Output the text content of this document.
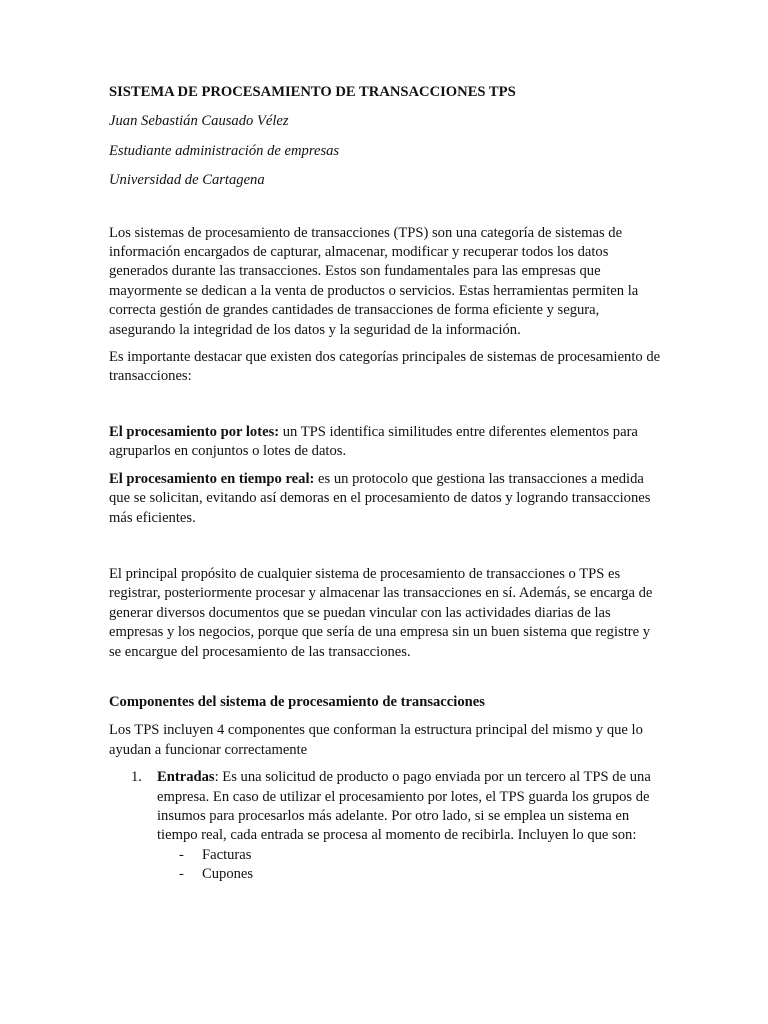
SISTEMA DE PROCESAMIENTO DE TRANSACCIONES TPS

Juan Sebastián Causado Vélez

Estudiante administración de empresas

Universidad de Cartagena

Los sistemas de procesamiento de transacciones (TPS) son una categoría de sistemas de información encargados de capturar, almacenar, modificar y recuperar todos los datos generados durante las transacciones. Estos son fundamentales para las empresas que mayormente se dedican a la venta de productos o servicios. Estas herramientas permiten la correcta gestión de grandes cantidades de transacciones de forma eficiente y segura, asegurando la integridad de los datos y la seguridad de la información.

Es importante destacar que existen dos categorías principales de sistemas de procesamiento de transacciones:

El procesamiento por lotes: un TPS identifica similitudes entre diferentes elementos para agruparlos en conjuntos o lotes de datos.

El procesamiento en tiempo real: es un protocolo que gestiona las transacciones a medida que se solicitan, evitando así demoras en el procesamiento de datos y logrando transacciones más eficientes.

El principal propósito de cualquier sistema de procesamiento de transacciones o TPS es registrar, posteriormente procesar y almacenar las transacciones en sí. Además, se encarga de generar diversos documentos que se puedan vincular con las actividades diarias de las empresas y los negocios, porque que sería de una empresa sin un buen sistema que registre y se encargue del procesamiento de las transacciones.

Componentes del sistema de procesamiento de transacciones

Los TPS incluyen 4 componentes que conforman la estructura principal del mismo y que lo ayudan a funcionar correctamente

1.	Entradas: Es una solicitud de producto o pago enviada por un tercero al TPS de una empresa. En caso de utilizar el procesamiento por lotes, el TPS guarda los grupos de insumos para procesarlos más adelante. Por otro lado, si se emplea un sistema en tiempo real, cada entrada se procesa al momento de recibirla. Incluyen lo que son:
-	Facturas
-	Cupones
